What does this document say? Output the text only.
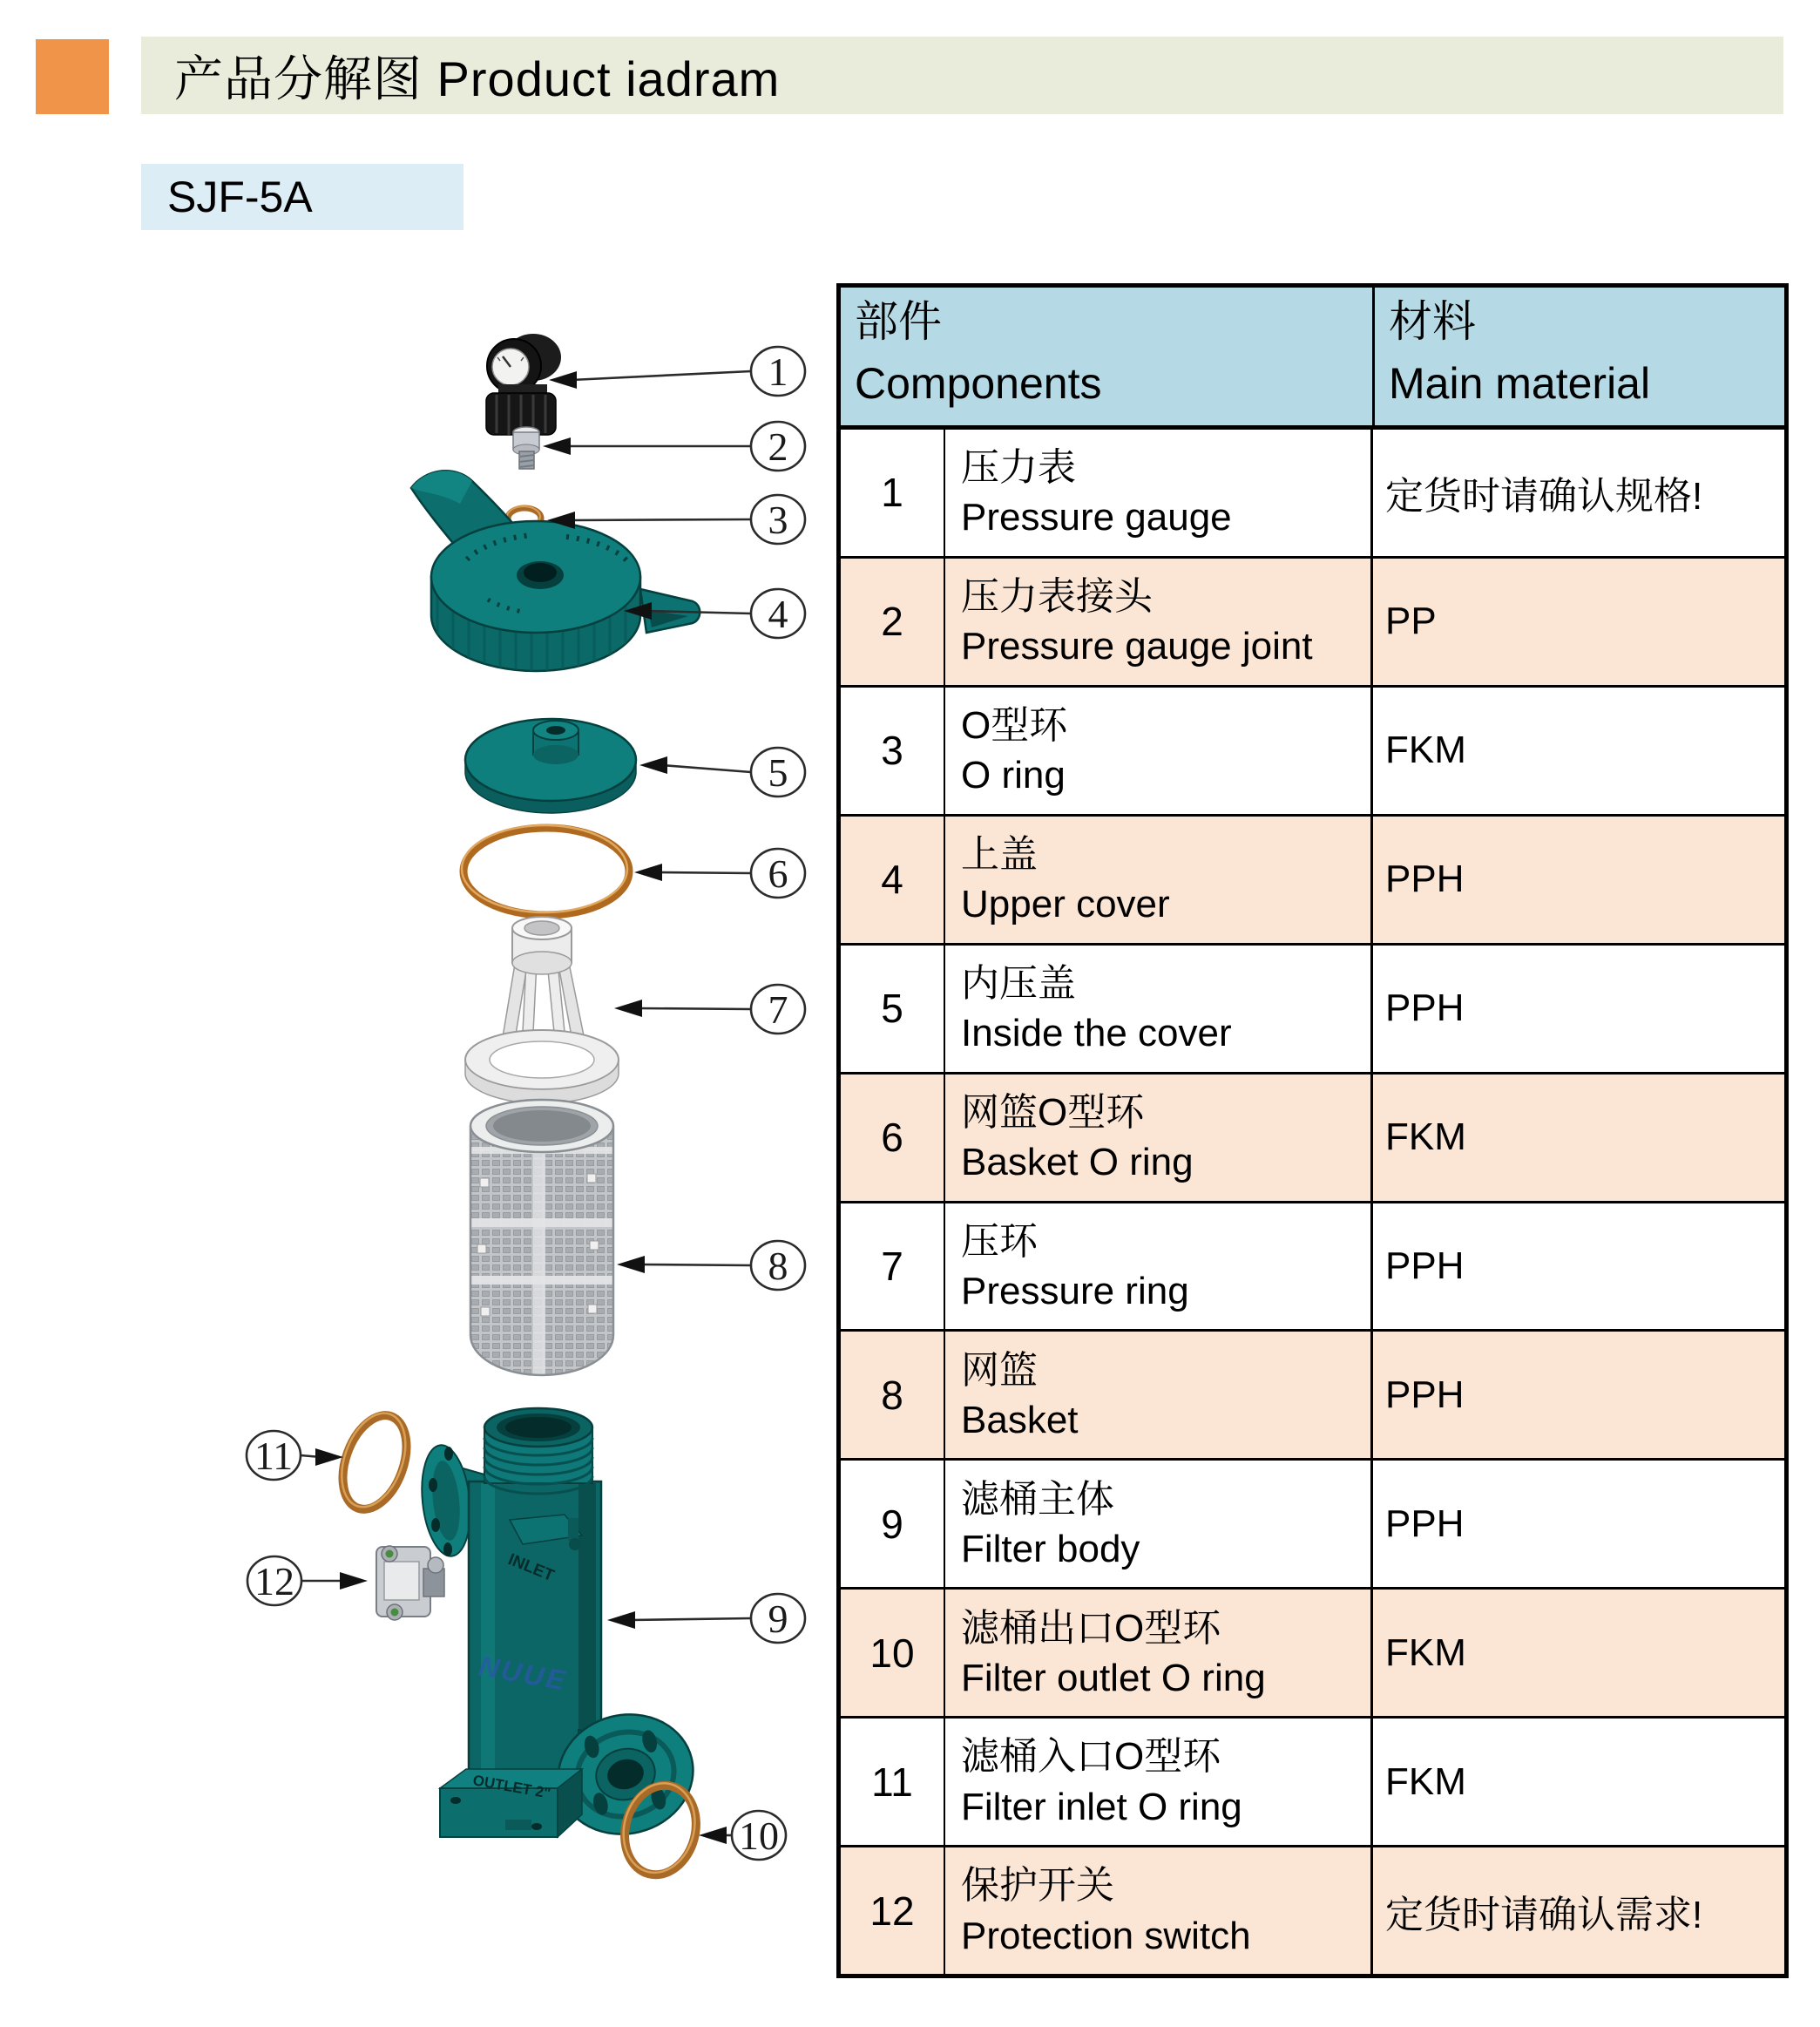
产品分解图 Product iadram
SJF-5A
INLET
NUUE
OUTLET 2"
1
2
3
4
5
6
7
8
9
10
11
12
部件
Components
材料
Main material
1
压力表
Pressure gauge	定货时请确认规格!
2
压力表接头
Pressure gauge joint
PP
3
O型环
O ring
FKM
4
上盖
Upper cover
PPH
5
内压盖
Inside the cover
PPH
6
网篮O型环
Basket O ring
FKM
7
压环
Pressure ring
PPH
8
网篮
Basket
PPH
9
滤桶主体
Filter body
PPH
10
滤桶出口O型环
Filter outlet O ring
FKM
11
滤桶入口O型环
Filter inlet O ring
FKM
12
保护开关
Protection switch	定货时请确认需求!
